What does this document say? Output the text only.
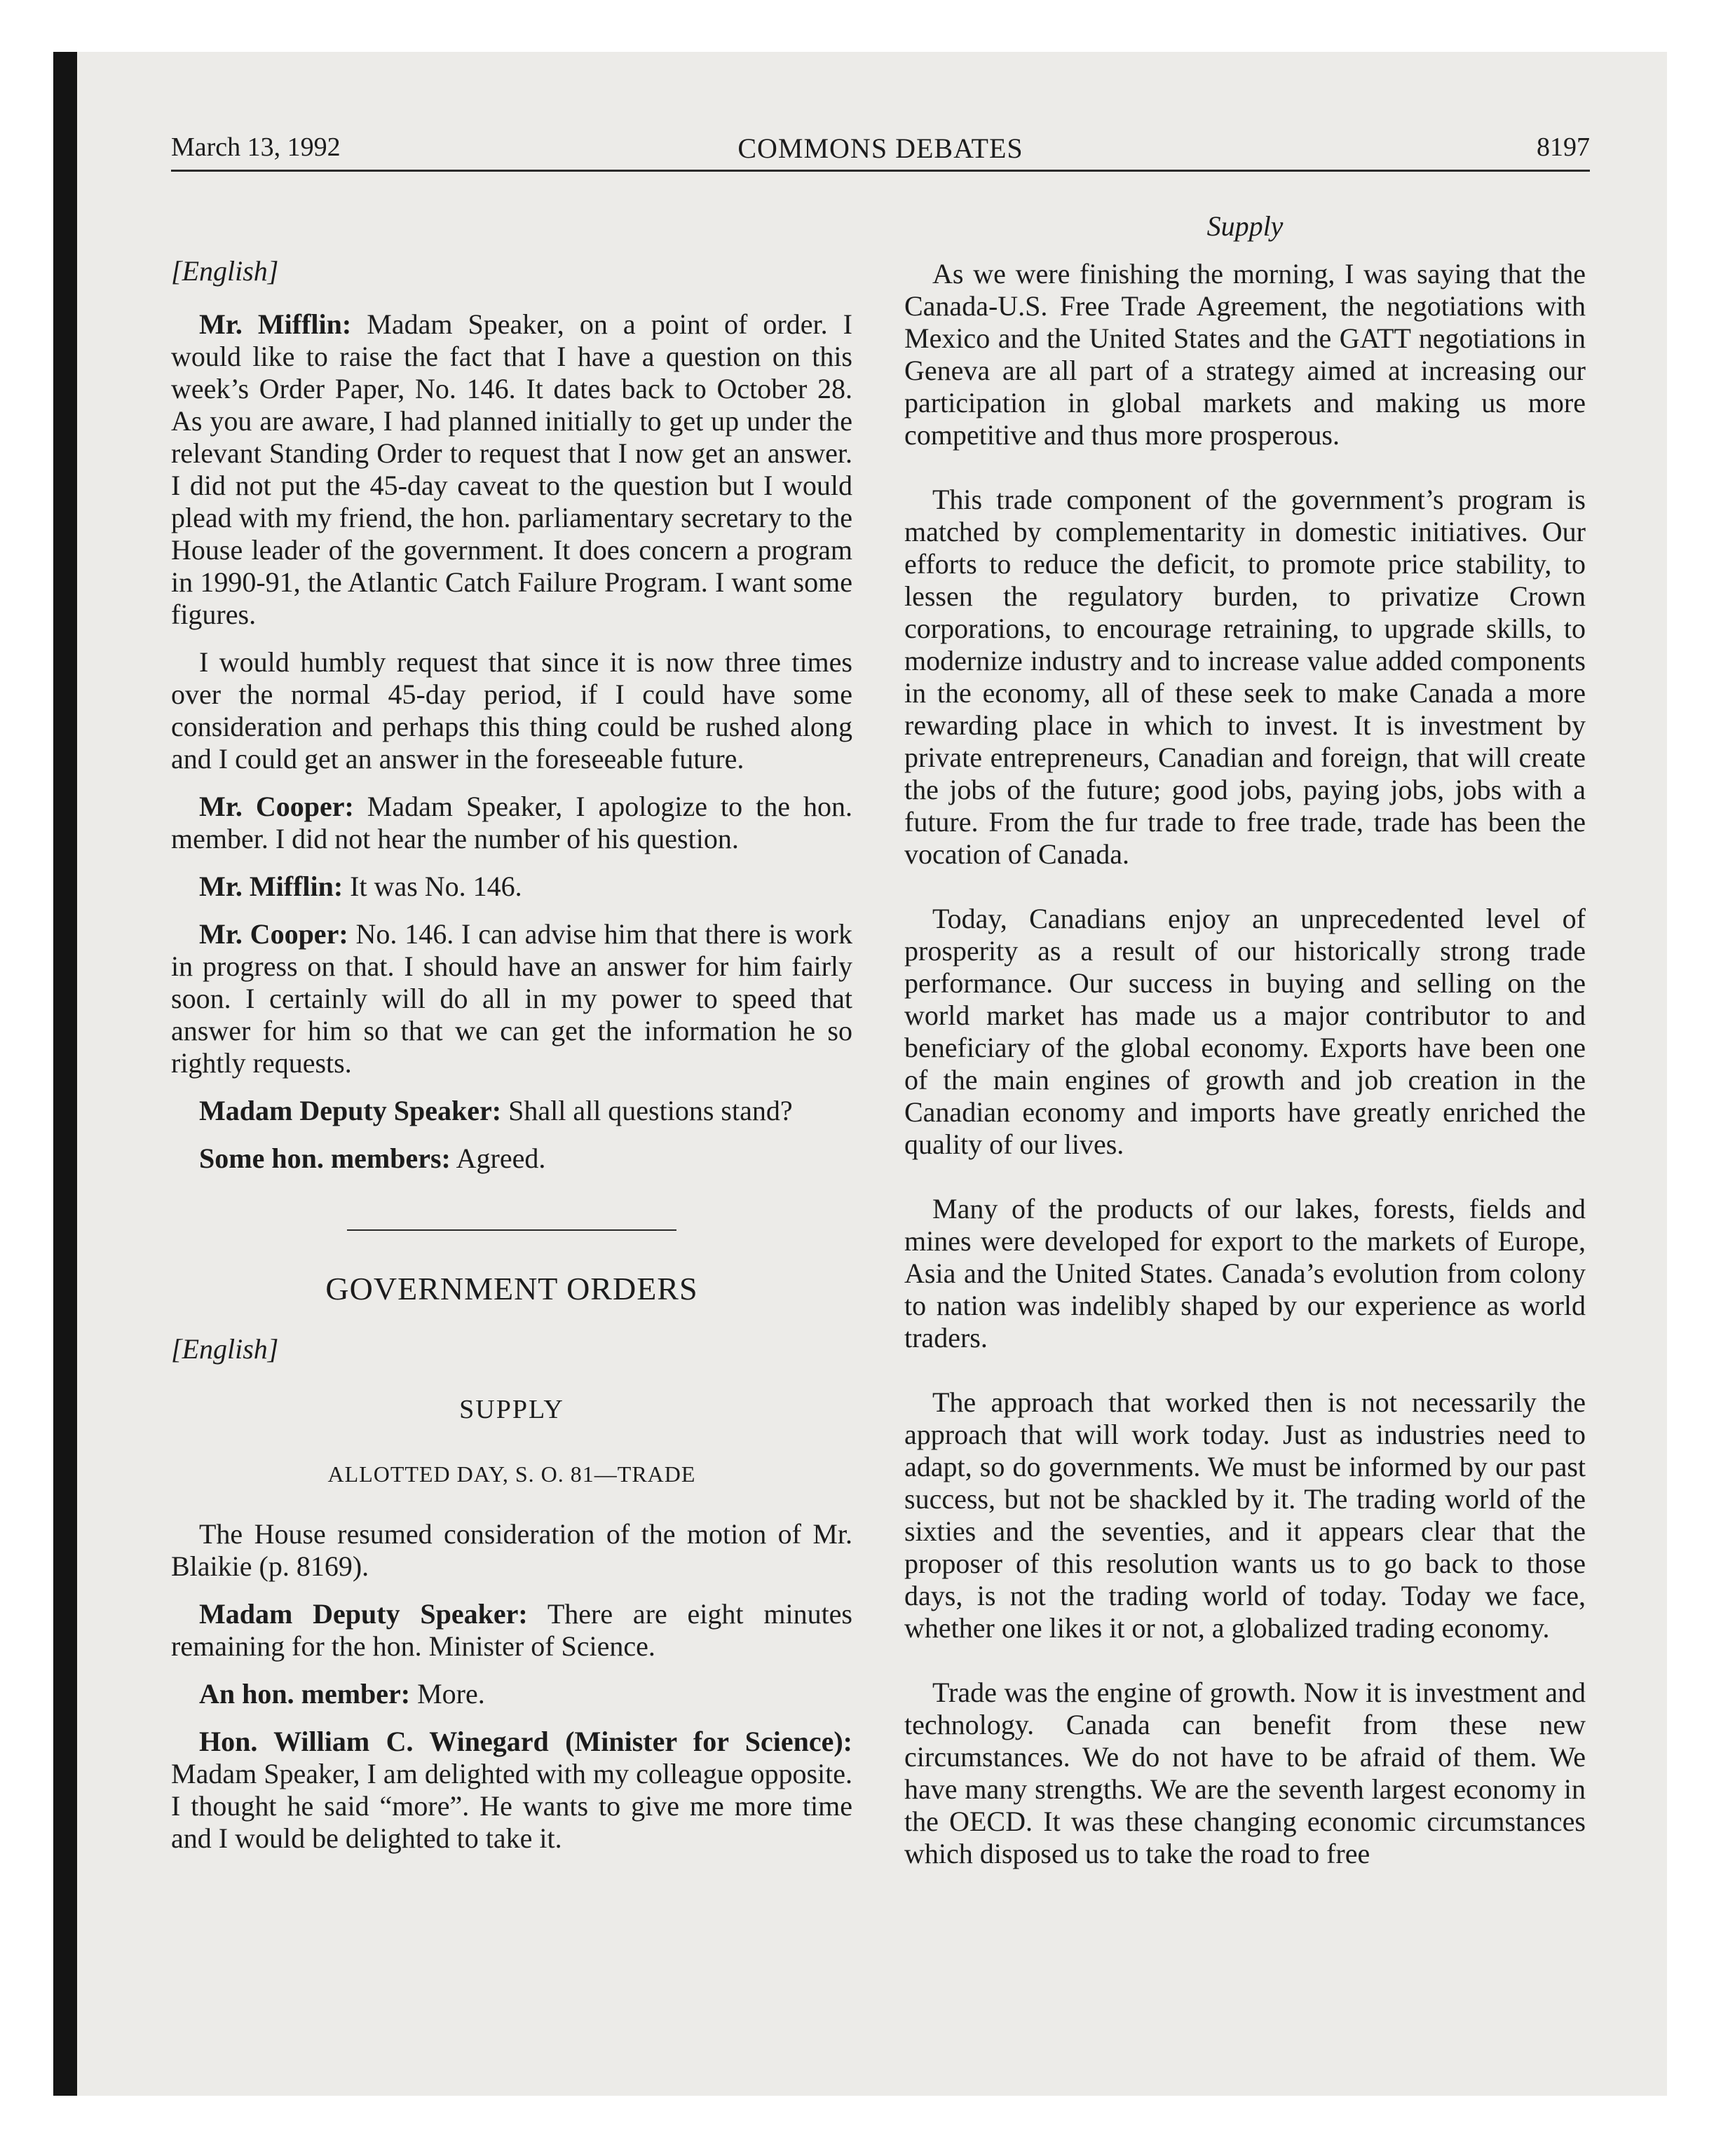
March 13, 1992	COMMONS DEBATES	8197

[English]

Mr. Mifflin: Madam Speaker, on a point of order. I would like to raise the fact that I have a question on this week’s Order Paper, No. 146. It dates back to October 28. As you are aware, I had planned initially to get up under the relevant Standing Order to request that I now get an answer. I did not put the 45-day caveat to the question but I would plead with my friend, the hon. parliamentary secretary to the House leader of the government. It does concern a program in 1990-91, the Atlantic Catch Failure Program. I want some figures.

I would humbly request that since it is now three times over the normal 45-day period, if I could have some consideration and perhaps this thing could be rushed along and I could get an answer in the foreseeable future.

Mr. Cooper: Madam Speaker, I apologize to the hon. member. I did not hear the number of his question.

Mr. Mifflin: It was No. 146.

Mr. Cooper: No. 146. I can advise him that there is work in progress on that. I should have an answer for him fairly soon. I certainly will do all in my power to speed that answer for him so that we can get the information he so rightly requests.

Madam Deputy Speaker: Shall all questions stand?

Some hon. members: Agreed.

GOVERNMENT ORDERS

[English]

SUPPLY

ALLOTTED DAY, S. O. 81—TRADE

The House resumed consideration of the motion of Mr. Blaikie (p. 8169).

Madam Deputy Speaker: There are eight minutes remaining for the hon. Minister of Science.

An hon. member: More.

Hon. William C. Winegard (Minister for Science): Madam Speaker, I am delighted with my colleague opposite. I thought he said “more”. He wants to give me more time and I would be delighted to take it.

Supply

As we were finishing the morning, I was saying that the Canada-U.S. Free Trade Agreement, the negotiations with Mexico and the United States and the GATT negotiations in Geneva are all part of a strategy aimed at increasing our participation in global markets and making us more competitive and thus more prosperous.

This trade component of the government’s program is matched by complementarity in domestic initiatives. Our efforts to reduce the deficit, to promote price stability, to lessen the regulatory burden, to privatize Crown corporations, to encourage retraining, to upgrade skills, to modernize industry and to increase value added components in the economy, all of these seek to make Canada a more rewarding place in which to invest. It is investment by private entrepreneurs, Canadian and foreign, that will create the jobs of the future; good jobs, paying jobs, jobs with a future. From the fur trade to free trade, trade has been the vocation of Canada.

Today, Canadians enjoy an unprecedented level of prosperity as a result of our historically strong trade performance. Our success in buying and selling on the world market has made us a major contributor to and beneficiary of the global economy. Exports have been one of the main engines of growth and job creation in the Canadian economy and imports have greatly enriched the quality of our lives.

Many of the products of our lakes, forests, fields and mines were developed for export to the markets of Europe, Asia and the United States. Canada’s evolution from colony to nation was indelibly shaped by our experience as world traders.

The approach that worked then is not necessarily the approach that will work today. Just as industries need to adapt, so do governments. We must be informed by our past success, but not be shackled by it. The trading world of the sixties and the seventies, and it appears clear that the proposer of this resolution wants us to go back to those days, is not the trading world of today. Today we face, whether one likes it or not, a globalized trading economy.

Trade was the engine of growth. Now it is investment and technology. Canada can benefit from these new circumstances. We do not have to be afraid of them. We have many strengths. We are the seventh largest economy in the OECD. It was these changing economic circumstances which disposed us to take the road to free
